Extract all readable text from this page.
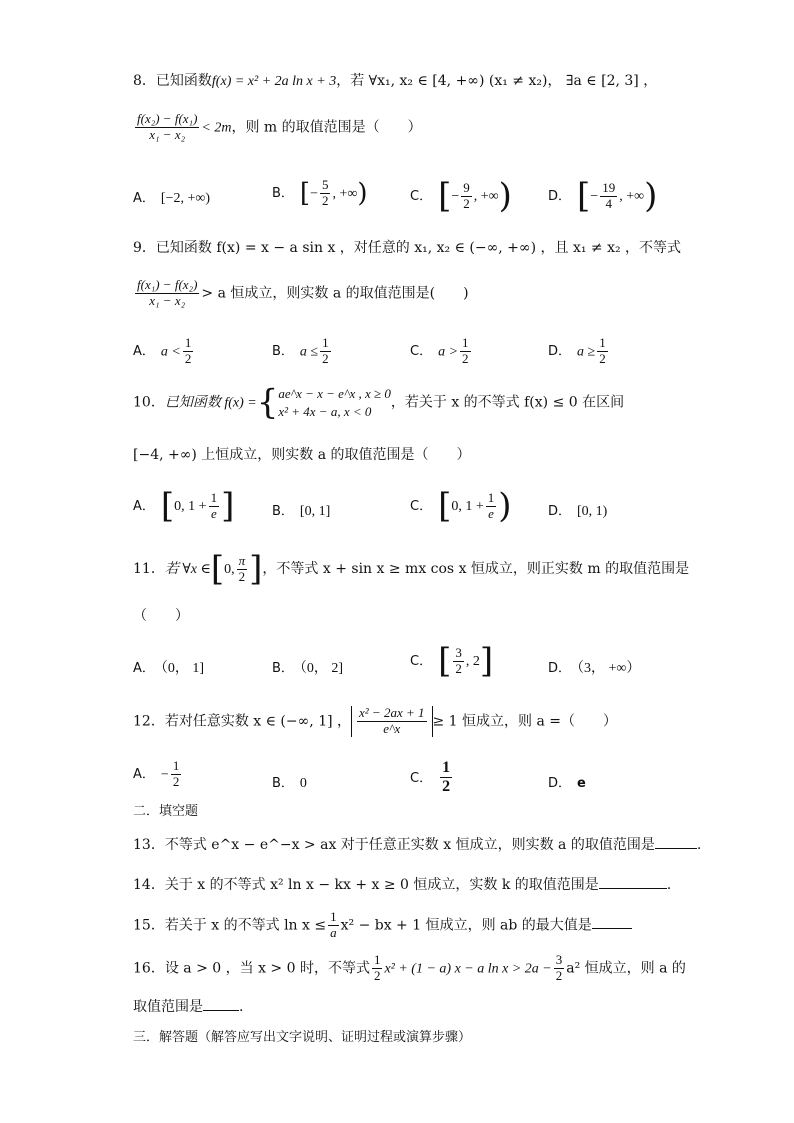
8．已知函数f(x) = x² + 2a ln x + 3，若 ∀x₁, x₂ ∈ [4, +∞) (x₁ ≠ x₂)， ∃a ∈ [2, 3] ，
$\frac{\text{f(x₂) − f(x₁)}}{\text{x₁ − x₂}} < 2m$，则 m 的取值范围是（　　）
A． [−2, +∞)	B． [− $\frac{5}{2}$ , +∞)	C． [− $\frac{9}{2}$ , +∞)	D． [− $\frac{19}{4}$ , +∞)
9．已知函数 f(x) = x − a sin x ，对任意的 x₁, x₂ ∈ (−∞, +∞) ，且 x₁ ≠ x₂ ，不等式
$\frac{\text{f(x₁) − f(x₂)}}{\text{x₁ − x₂}} > a$ 恒成立，则实数 a 的取值范围是(　　)
A． $a < \frac{1}{2}$	B． $a \le \frac{1}{2}$	C． $a > \frac{1}{2}$	D． $a \ge \frac{1}{2}$
10．已知函数 f(x) ={ ae^x − x − e^x , x ≥ 0
x² + 4x − a, x < 0
，若关于 x 的不等式 f(x) ≤ 0 在区间
[−4, +∞) 上恒成立，则实数 a 的取值范围是（　　）
A． [0, $1 + \frac{1}{e}$ ]	B． [0, 1]	C． [0, $1 + \frac{1}{e}$ )	D． [0, 1)
11．若 ∀x ∈[0, $\frac{\pi}{2}$ ]，不等式 x + sin x ≥ mx cos x 恒成立，则正实数 m 的取值范围是
（　　）
A． （0， 1]	B． （0， 2]	C． [ $\frac{3}{2}$ , 2]	D． （3， +∞）
12．若对任意实数 x ∈ (−∞, 1] ， $\frac{\text{x² − 2ax + 1}}{e\^{}x} \ge 1$ 恒成立，则 a =（　　）
A． − $\frac{1}{2}$	B． 0	C． $\frac{1}{2}$	D． e
二．填空题
13．不等式 e^x − e^−x > ax 对于任意正实数 x 恒成立，则实数 a 的取值范围是	.
14．关于 x 的不等式 x² ln x − kx + x ≥ 0 恒成立，实数 k 的取值范围是	.
15．若关于 x 的不等式 $\ln x \le \frac{1}{a} x^2$ − bx + 1 恒成立，则 ab 的最大值是
16．设 a > 0 ，当 x > 0 时，不等式 $\frac{1}{2} x^2 + (1 - a) x - a$ $\ln x > 2a - \frac{3}{2} a^2$ 恒成立，则 a 的
取值范围是	.
三．解答题（解答应写出文字说明、证明过程或演算步骤）
